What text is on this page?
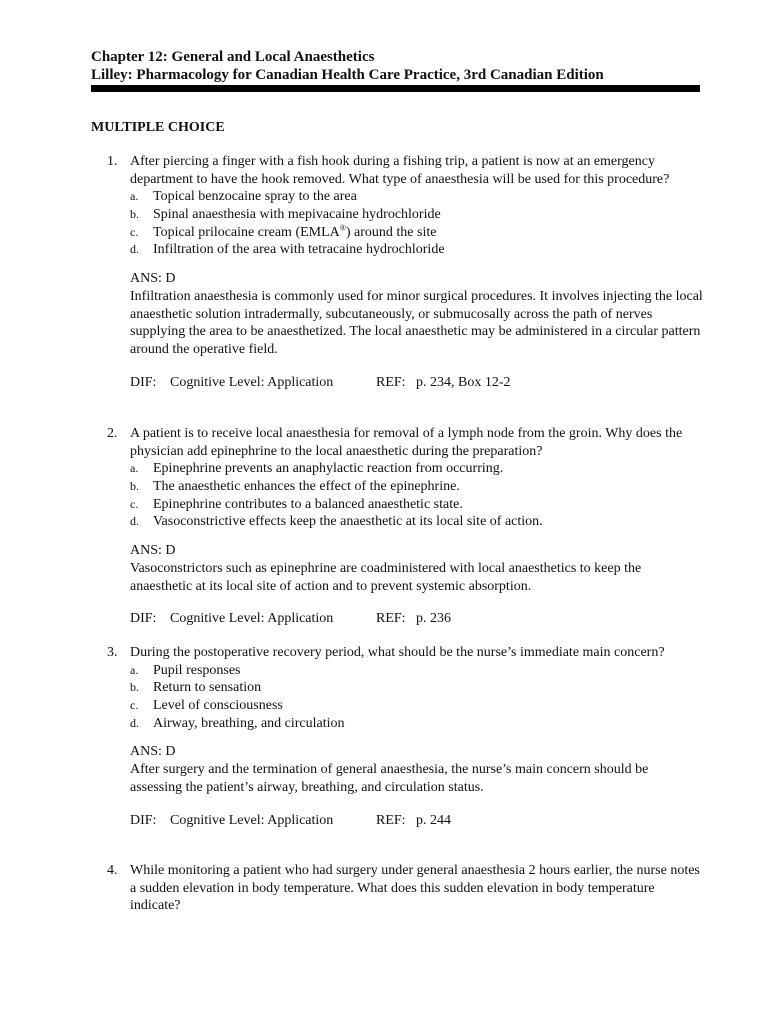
Chapter 12: General and Local Anaesthetics
Lilley: Pharmacology for Canadian Health Care Practice, 3rd Canadian Edition
MULTIPLE CHOICE
1. After piercing a finger with a fish hook during a fishing trip, a patient is now at an emergency department to have the hook removed. What type of anaesthesia will be used for this procedure?
a. Topical benzocaine spray to the area
b. Spinal anaesthesia with mepivacaine hydrochloride
c. Topical prilocaine cream (EMLA®) around the site
d. Infiltration of the area with tetracaine hydrochloride
ANS: D
Infiltration anaesthesia is commonly used for minor surgical procedures. It involves injecting the local anaesthetic solution intradermally, subcutaneously, or submucosally across the path of nerves supplying the area to be anaesthetized. The local anaesthetic may be administered in a circular pattern around the operative field.
DIF: Cognitive Level: Application	REF: p. 234, Box 12-2
2. A patient is to receive local anaesthesia for removal of a lymph node from the groin. Why does the physician add epinephrine to the local anaesthetic during the preparation?
a. Epinephrine prevents an anaphylactic reaction from occurring.
b. The anaesthetic enhances the effect of the epinephrine.
c. Epinephrine contributes to a balanced anaesthetic state.
d. Vasoconstrictive effects keep the anaesthetic at its local site of action.
ANS: D
Vasoconstrictors such as epinephrine are coadministered with local anaesthetics to keep the anaesthetic at its local site of action and to prevent systemic absorption.
DIF: Cognitive Level: Application	REF: p. 236
3. During the postoperative recovery period, what should be the nurse’s immediate main concern?
a. Pupil responses
b. Return to sensation
c. Level of consciousness
d. Airway, breathing, and circulation
ANS: D
After surgery and the termination of general anaesthesia, the nurse’s main concern should be assessing the patient’s airway, breathing, and circulation status.
DIF: Cognitive Level: Application	REF: p. 244
4. While monitoring a patient who had surgery under general anaesthesia 2 hours earlier, the nurse notes a sudden elevation in body temperature. What does this sudden elevation in body temperature indicate?
